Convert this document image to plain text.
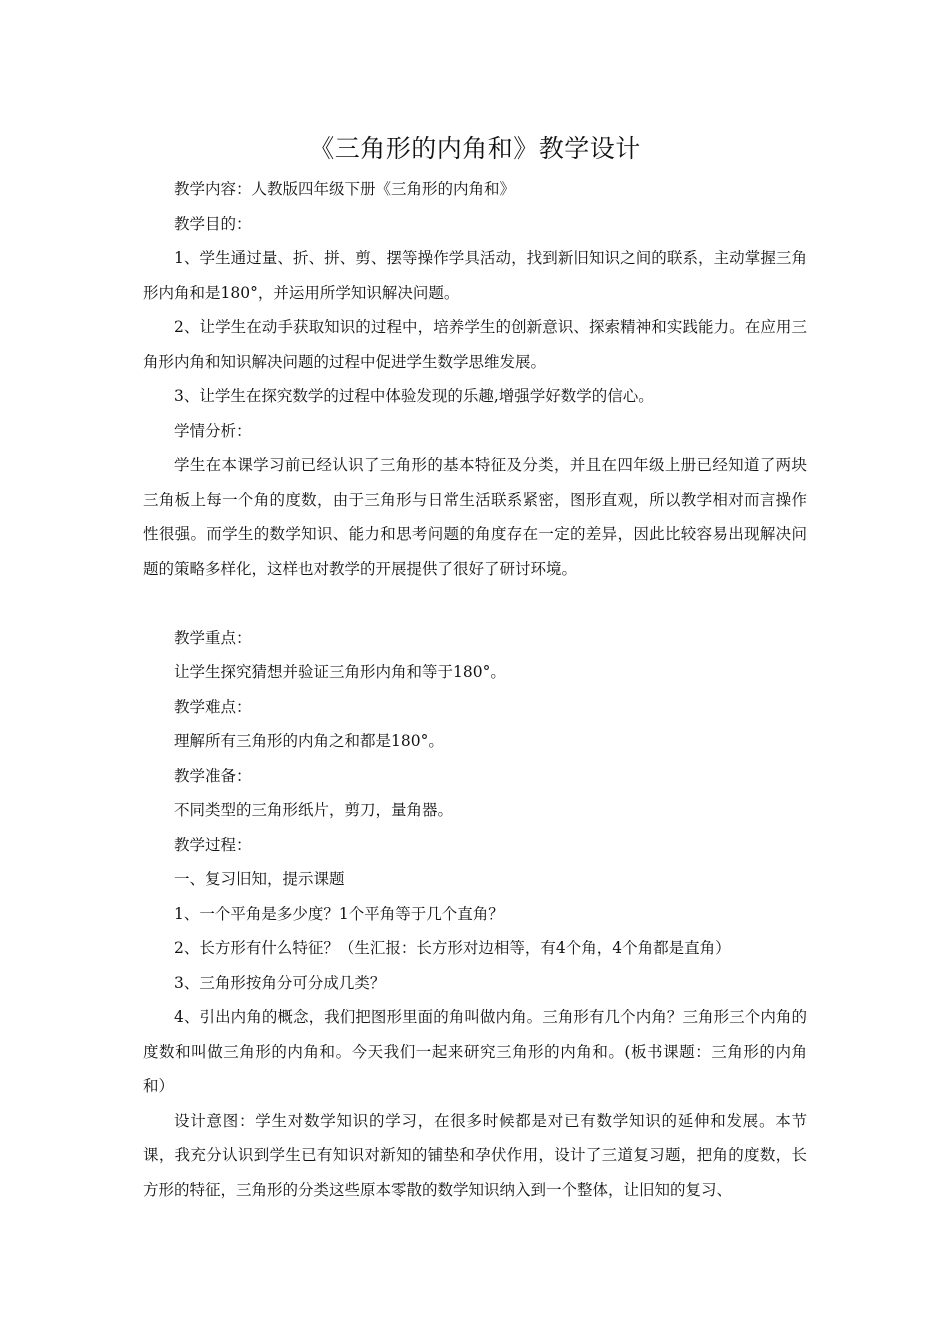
《三角形的内角和》教学设计

教学内容：人教版四年级下册《三角形的内角和》

教学目的：

1、学生通过量、折、拼、剪、摆等操作学具活动，找到新旧知识之间的联系，主动掌握三角形内角和是180°，并运用所学知识解决问题。

2、让学生在动手获取知识的过程中，培养学生的创新意识、探索精神和实践能力。在应用三角形内角和知识解决问题的过程中促进学生数学思维发展。

3、让学生在探究数学的过程中体验发现的乐趣,增强学好数学的信心。

学情分析：

学生在本课学习前已经认识了三角形的基本特征及分类，并且在四年级上册已经知道了两块三角板上每一个角的度数，由于三角形与日常生活联系紧密，图形直观，所以教学相对而言操作性很强。而学生的数学知识、能力和思考问题的角度存在一定的差异，因此比较容易出现解决问题的策略多样化，这样也对教学的开展提供了很好了研讨环境。

教学重点：

让学生探究猜想并验证三角形内角和等于180°。

教学难点：

理解所有三角形的内角之和都是180°。

教学准备：

不同类型的三角形纸片，剪刀，量角器。

教学过程：

一、复习旧知，提示课题

1、一个平角是多少度？1个平角等于几个直角？

2、长方形有什么特征？（生汇报：长方形对边相等，有4个角，4个角都是直角）

3、三角形按角分可分成几类？

4、引出内角的概念，我们把图形里面的角叫做内角。三角形有几个内角？三角形三个内角的度数和叫做三角形的内角和。今天我们一起来研究三角形的内角和。(板书课题：三角形的内角和）

设计意图：学生对数学知识的学习，在很多时候都是对已有数学知识的延伸和发展。本节课，我充分认识到学生已有知识对新知的铺垫和孕伏作用，设计了三道复习题，把角的度数，长方形的特征，三角形的分类这些原本零散的数学知识纳入到一个整体，让旧知的复习、
